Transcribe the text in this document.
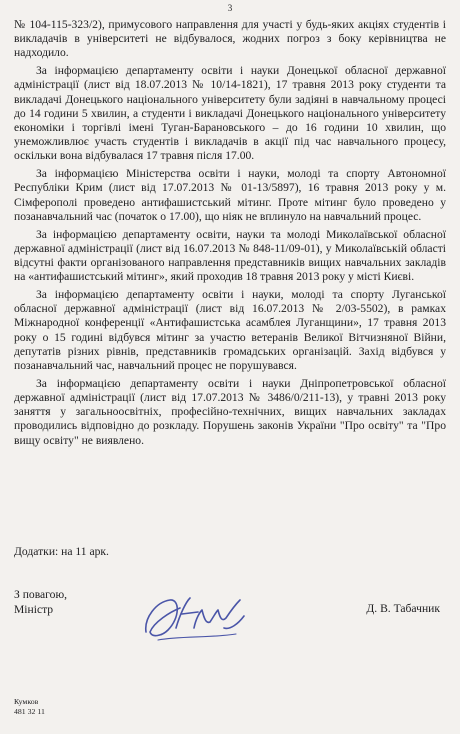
3

№ 104-115-323/2), примусового направлення для участі у будь-яких акціях студентів і викладачів в університеті не відбувалося, жодних погроз з боку керівництва не надходило.

За інформацією департаменту освіти і науки Донецької обласної державної адміністрації (лист від 18.07.2013 № 10/14-1821), 17 травня 2013 року студенти та викладачі Донецького національного університету були задіяні в навчальному процесі до 14 години 5 хвилин, а студенти і викладачі Донецького національного університету економіки і торгівлі імені Туган-Барановського – до 16 години 10 хвилин, що унеможливлює участь студентів і викладачів в акції під час навчального процесу, оскільки вона відбувалася 17 травня після 17.00.

За інформацією Міністерства освіти і науки, молоді та спорту Автономної Республіки Крим (лист від 17.07.2013 № 01-13/5897), 16 травня 2013 року у м. Сімферополі проведено антифашистський мітинг. Проте мітинг було проведено у позанавчальний час (початок о 17.00), що ніяк не вплинуло на навчальний процес.

За інформацією департаменту освіти, науки та молоді Миколаївської обласної державної адміністрації (лист від 16.07.2013 № 848-11/09-01), у Миколаївській області відсутні факти організованого направлення представників вищих навчальних закладів на «антифашистський мітинг», який проходив 18 травня 2013 року у місті Києві.

За інформацією департаменту освіти і науки, молоді та спорту Луганської обласної державної адміністрації (лист від 16.07.2013 № 2/03-5502), в рамках Міжнародної конференції «Антифашистська асамблея Луганщини», 17 травня 2013 року о 15 годині відбувся мітинг за участю ветеранів Великої Вітчизняної Війни, депутатів різних рівнів, представників громадських організацій. Захід відбувся у позанавчальний час, навчальний процес не порушувався.

За інформацією департаменту освіти і науки Дніпропетровської обласної державної адміністрації (лист від 17.07.2013 № 3486/0/211-13), у травні 2013 року заняття у загальноосвітніх, професійно-технічних, вищих навчальних закладах проводились відповідно до розкладу. Порушень законів України "Про освіту" та "Про вищу освіту" не виявлено.

Додатки: на 11 арк.
З повагою,
Міністр	Д. В. Табачник
Кумков
481 32 11
